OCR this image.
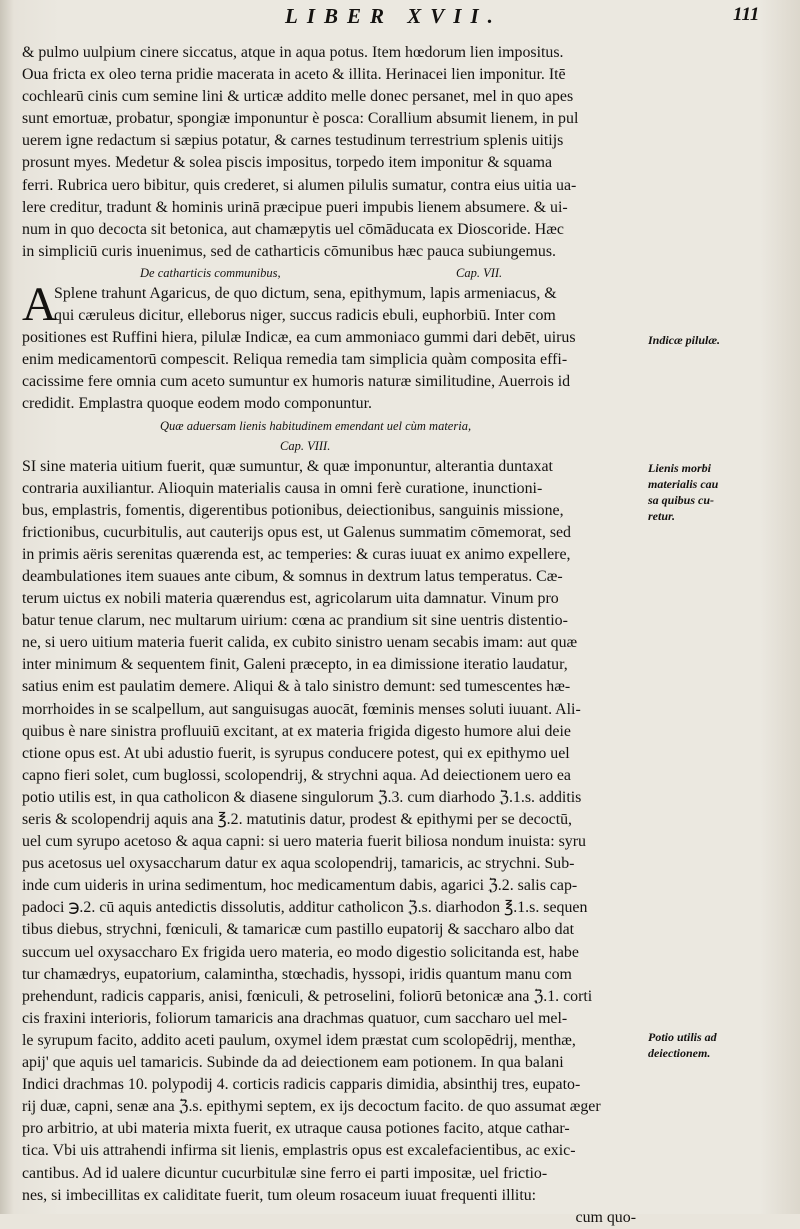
LIBER XVII.	111
& pulmo uulpium cinere siccatus, atque in aqua potus. Item hœdorum lien impositus.
Oua fricta ex oleo terna pridie macerata in aceto & illita. Herinacei lien imponitur. Itē
cochlearū cinis cum semine lini & urticæ addito melle donec persanet, mel in quo apes
sunt emortuæ, probatur, spongiæ imponuntur è posca: Corallium absumit lienem, in pul
uerem igne redactum si sæpius potatur, & carnes testudinum terrestrium splenis uitijs
prosunt myes. Medetur & solea piscis impositus, torpedo item imponitur & squama
ferri. Rubrica uero bibitur, quis crederet, si alumen pilulis sumatur, contra eius uitia ua-
lere creditur, tradunt & hominis urinā præcipue pueri impubis lienem absumere. & ui-
num in quo decocta sit betonica, aut chamæpytis uel cōmāducata ex Dioscoride. Hæc
in simpliciū curis inuenimus, sed de catharticis cōmunibus hæc pauca subiungemus.
De catharticis communibus,	Cap. VII.
A
Splene trahunt Agaricus, de quo dictum, sena, epithymum, lapis armeniacus, &
qui cæruleus dicitur, elleborus niger, succus radicis ebuli, euphorbiū. Inter com
positiones est Ruffini hiera, pilulæ Indicæ, ea cum ammoniaco gummi dari debēt, uirus
enim medicamentorū compescit. Reliqua remedia tam simplicia quàm composita effi-
cacissime fere omnia cum aceto sumuntur ex humoris naturæ similitudine, Auerrois id
credidit. Emplastra quoque eodem modo componuntur.
Quæ aduersam lienis habitudinem emendant uel cùm materia,
Cap. VIII.
SI sine materia uitium fuerit, quæ sumuntur, & quæ imponuntur, alterantia duntaxat
contraria auxiliantur. Alioquin materialis causa in omni ferè curatione, inunctioni-
bus, emplastris, fomentis, digerentibus potionibus, deiectionibus, sanguinis missione,
frictionibus, cucurbitulis, aut cauterijs opus est, ut Galenus summatim cōmemorat, sed
in primis aëris serenitas quærenda est, ac temperies: & curas iuuat ex animo expellere,
deambulationes item suaues ante cibum, & somnus in dextrum latus temperatus. Cæ-
terum uictus ex nobili materia quærendus est, agricolarum uita damnatur. Vinum pro
batur tenue clarum, nec multarum uirium: cœna ac prandium sit sine uentris distentio-
ne, si uero uitium materia fuerit calida, ex cubito sinistro uenam secabis imam: aut quæ
inter minimum & sequentem finit, Galeni præcepto, in ea dimissione iteratio laudatur,
satius enim est paulatim demere. Aliqui & à talo sinistro demunt: sed tumescentes hæ-
morrhoides in se scalpellum, aut sanguisugas auocāt, fœminis menses soluti iuuant. Ali-
quibus è nare sinistra profluuiū excitant, at ex materia frigida digesto humore alui deie
ctione opus est. At ubi adustio fuerit, is syrupus conducere potest, qui ex epithymo uel
capno fieri solet, cum buglossi, scolopendrij, & strychni aqua. Ad deiectionem uero ea
potio utilis est, in qua catholicon & diasene singulorum ℨ.3. cum diarhodo ℨ.1.s. additis
seris & scolopendrij aquis ana ℥.2. matutinis datur, prodest & epithymi per se decoctū,
uel cum syrupo acetoso & aqua capni: si uero materia fuerit biliosa nondum inuista: syru
pus acetosus uel oxysaccharum datur ex aqua scolopendrij, tamaricis, ac strychni. Sub-
inde cum uideris in urina sedimentum, hoc medicamentum dabis, agarici ℨ.2. salis cap-
padoci ℈.2. cū aquis antedictis dissolutis, additur catholicon ℨ.s. diarhodon ℥.1.s. sequen
tibus diebus, strychni, fœniculi, & tamaricæ cum pastillo eupatorij & saccharo albo dat
succum uel oxysaccharo Ex frigida uero materia, eo modo digestio solicitanda est, habe
tur chamædrys, eupatorium, calamintha, stœchadis, hyssopi, iridis quantum manu com
prehendunt, radicis capparis, anisi, fœniculi, & petroselini, foliorū betonicæ ana ℨ.1. corti
cis fraxini interioris, foliorum tamaricis ana drachmas quatuor, cum saccharo uel mel-
le syrupum facito, addito aceti paulum, oxymel idem præstat cum scolopēdrij, menthæ,
apij' que aquis uel tamaricis. Subinde da ad deiectionem eam potionem. In qua balani
Indici drachmas 10. polypodij 4. corticis radicis capparis dimidia, absinthij tres, eupato-
rij duæ, capni, senæ ana ℨ.s. epithymi septem, ex ijs decoctum facito. de quo assumat æger
pro arbitrio, at ubi materia mixta fuerit, ex utraque causa potiones facito, atque cathar-
tica. Vbi uis attrahendi infirma sit lienis, emplastris opus est excalefacientibus, ac exic-
cantibus. Ad id ualere dicuntur cucurbitulæ sine ferro ei parti impositæ, uel frictio-
nes, si imbecillitas ex caliditate fuerit, tum oleum rosaceum iuuat frequenti illitu:
cum quo-
Indicæ pilulæ.
Lienis morbi
materialis cau
sa quibus cu-
retur.
Potio utilis ad
deiectionem.
